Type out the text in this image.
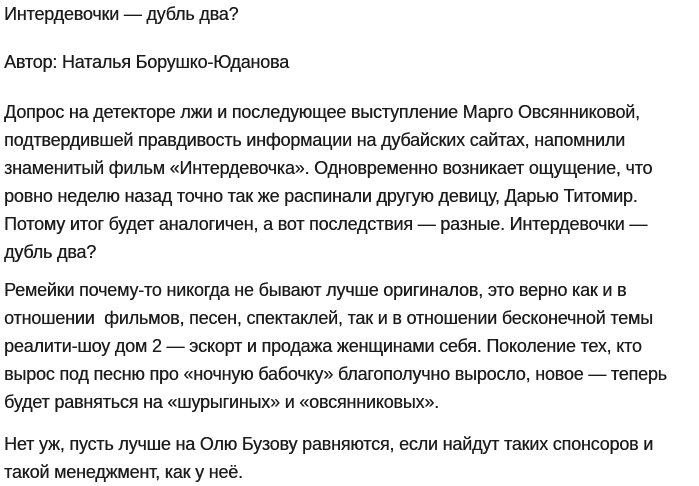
Интердевочки — дубль два?
Автор: Наталья Борушко-Юданова
Допрос на детекторе лжи и последующее выступление Марго Овсянниковой,
подтвердившей правдивость информации на дубайских сайтах, напомнили
знаменитый фильм «Интердевочка». Одновременно возникает ощущение, что
ровно неделю назад точно так же распинали другую девицу, Дарью Титомир.
Потому итог будет аналогичен, а вот последствия — разные. Интердевочки —
дубль два?
Ремейки почему-то никогда не бывают лучше оригиналов, это верно как и в
отношении  фильмов, песен, спектаклей, так и в отношении бесконечной темы
реалити-шоу дом 2 — эскорт и продажа женщинами себя. Поколение тех, кто
вырос под песню про «ночную бабочку» благополучно выросло, новое — теперь
будет равняться на «шурыгиных» и «овсянниковых».
Нет уж, пусть лучше на Олю Бузову равняются, если найдут таких спонсоров и
такой менеджмент, как у неё.
